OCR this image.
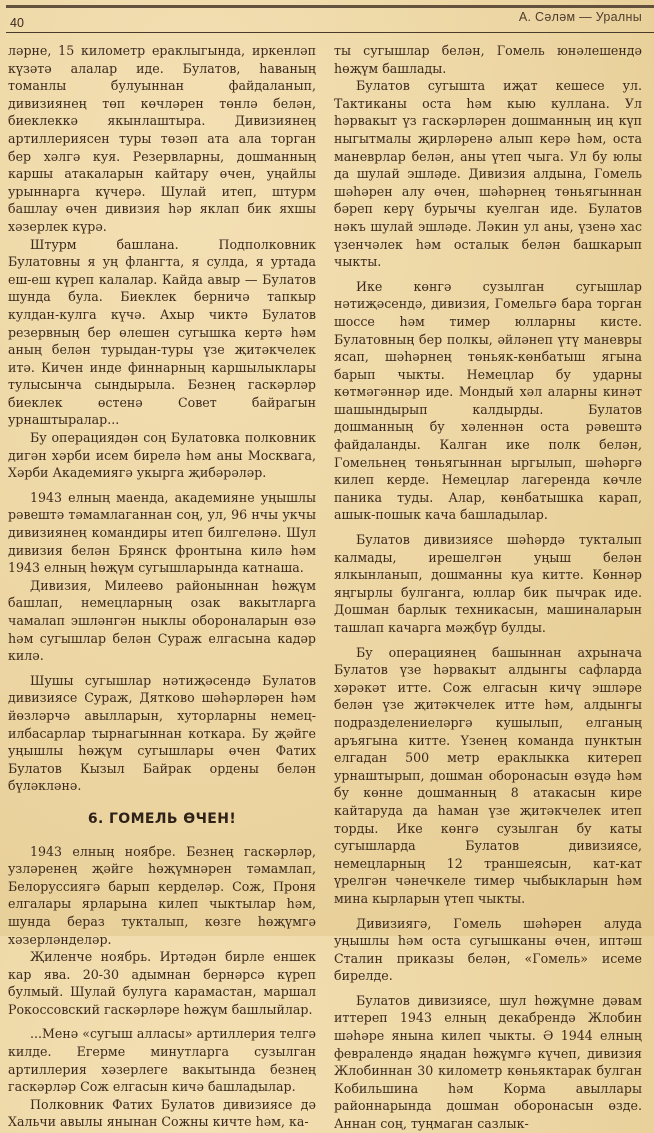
А. Сәләм — Уралны
40

ләрне, 15 километр ераклыгында, иркенләп күзәтә алалар иде. Булатов, һаваның томанлы булуыннан файдаланып, дивизиянең төп көчләрен төнлә белән, биеклеккә якынлаштыра. Дивизиянең артиллериясен туры төзәп ата ала торган бер хәлгә куя. Резервларны, дошманның каршы атакаларын кайтару өчен, уңайлы урыннарга күчерә. Шулай итеп, штурм башлау өчен дивизия һәр яклап бик яхшы хәзерлек күрә.

Штурм башлана. Подполковник Булатовны я уң флангта, я сулда, я уртада еш-еш күреп калалар. Кайда авыр — Булатов шунда була. Биеклек берничә тапкыр кулдан-кулга күчә. Ахыр чиктә Булатов резервның бер өлешен сугышка кертә һәм аның белән турыдан-туры үзе җитәкчелек итә. Кичен инде финнарның каршылыклары тулысынча сындырыла. Безнең гаскәрләр биеклек өстенә Совет байрагын урнаштыралар...

Бу операциядән соң Булатовка полковник дигән хәрби исем бирелә һәм аны Москвага, Хәрби Академиягә укырга җибәрәләр.

1943 елның маенда, академияне уңышлы рәвештә тәмамлаганнан соң, ул, 96 нчы укчы дивизиянең командиры итеп билгеләнә. Шул дивизия белән Брянск фронтына килә һәм 1943 елның һөҗүм сугышларында катнаша.

Дивизия, Милеево районыннан һөҗүм башлап, немецларның озак вакытларга чамалап эшләнгән ныклы обороналарын өзә һәм сугышлар белән Сураж елгасына кадәр килә.

Шушы сугышлар нәтиҗәсендә Булатов дивизиясе Сураж, Дятково шәһәрләрен һәм йөзләрчә авылларын, хуторларны немец-илбасарлар тырнагыннан коткара. Бу җәйге уңышлы һөҗүм сугышлары өчен Фатих Булатов Кызыл Байрак ордены белән бүләкләнә.

6. ГОМЕЛЬ ӨЧЕН!

1943 елның ноябре. Безнең гаскәрләр, узләренең җәйге һөҗүмнәрен тәмамлап, Белоруссиягә барып керделәр. Сож, Проня елгалары ярларына килеп чыктылар һәм, шунда бераз тукталып, көзге һөҗүмгә хәзерләнделәр.

Җиленче ноябрь. Иртәдән бирле еншек кар ява. 20-30 адымнан бернәрсә күреп булмый. Шулай булуга карамастан, маршал Рокоссовский гаскәрләре һөҗүм башлыйлар.

...Менә «сугыш алласы» артиллерия телгә килде. Егерме минутларга сузылган артиллерия хәзерлеге вакытында безнең гаскәрләр Сож елгасын кичә башладылар.

Полковник Фатих Булатов дивизиясе дә Хальчи авылы янынан Сожны кичте һәм, ка-

ты сугышлар белән, Гомель юнәлешендә һөҗүм башлады.

Булатов сугышта иҗат кешесе ул. Тактиканы оста һәм кыю куллана. Ул һәрвакыт үз гаскәрләрен дошманның иң күп ныгытмалы җирләренә алып керә һәм, оста маневрлар белән, аны үтеп чыга. Ул бу юлы да шулай эшләде. Дивизия алдына, Гомель шәһәрен алу өчен, шәһәрнең төньягыннан бәреп керү бурычы куелган иде. Булатов нәкъ шулай эшләде. Ләкин ул аны, үзенә хас үзенчәлек һәм осталык белән башкарып чыкты.

Ике көнгә сузылган сугышлар нәтиҗәсендә, дивизия, Гомельгә бара торган шоссе һәм тимер юлларны кисте. Булатовның бер полкы, әйләнеп үтү маневры ясап, шәһәрнең төньяк-көнбатыш ягына барып чыкты. Немецлар бу ударны көтмәгәннәр иде. Мондый хәл аларны кинәт шашындырып калдырды. Булатов дошманның бу хәленнән оста рәвештә файдаланды. Калган ике полк белән, Гомельнең төньягыннан ыргылып, шәһәргә килеп керде. Немецлар лагеренда көчле паника туды. Алар, көнбатышка карап, ашык-пошык кача башладылар.

Булатов дивизиясе шәһәрдә тукталып калмады, ирешелгән уңыш белән ялкынланып, дошманны куа китте. Көннәр яңгырлы булганга, юллар бик пычрак иде. Дошман барлык техникасын, машиналарын ташлап качарга мәҗбүр булды.

Бу операциянең башыннан ахрынача Булатов үзе һәрвакыт алдынгы сафларда хәрәкәт итте. Сож елгасын кичү эшләре белән үзе җитәкчелек итте һәм, алдынгы подразделениеләргә кушылып, елганың аръягына китте. Үзенең команда пунктын елгадан 500 метр ераклыкка китереп урнаштырып, дошман оборонасын өзүдә һәм бу көнне дошманның 8 атакасын кире кайтаруда да һаман үзе җитәкчелек итеп торды. Ике көнгә сузылган бу каты сугышларда Булатов дивизиясе, немецларның 12 траншеясын, кат-кат үрелгән чәнечкеле тимер чыбыкларын һәм мина кырларын үтеп чыкты.

Дивизиягә, Гомель шәһәрен алуда уңышлы һәм оста сугышканы өчен, иптәш Сталин приказы белән, «Гомель» исеме бирелде.

Булатов дивизиясе, шул һөҗүмне дәвам иттереп 1943 елның декабрендә Жлобин шәһәре янына килеп чыкты. Ә 1944 елның февралендә яңадан һөҗүмгә күчеп, дивизия Жлобиннан 30 километр көньяктарак булган Кобильшина һәм Корма авыллары районнарында дошман оборонасын өзде. Аннан соң, туңмаган сазлык-
